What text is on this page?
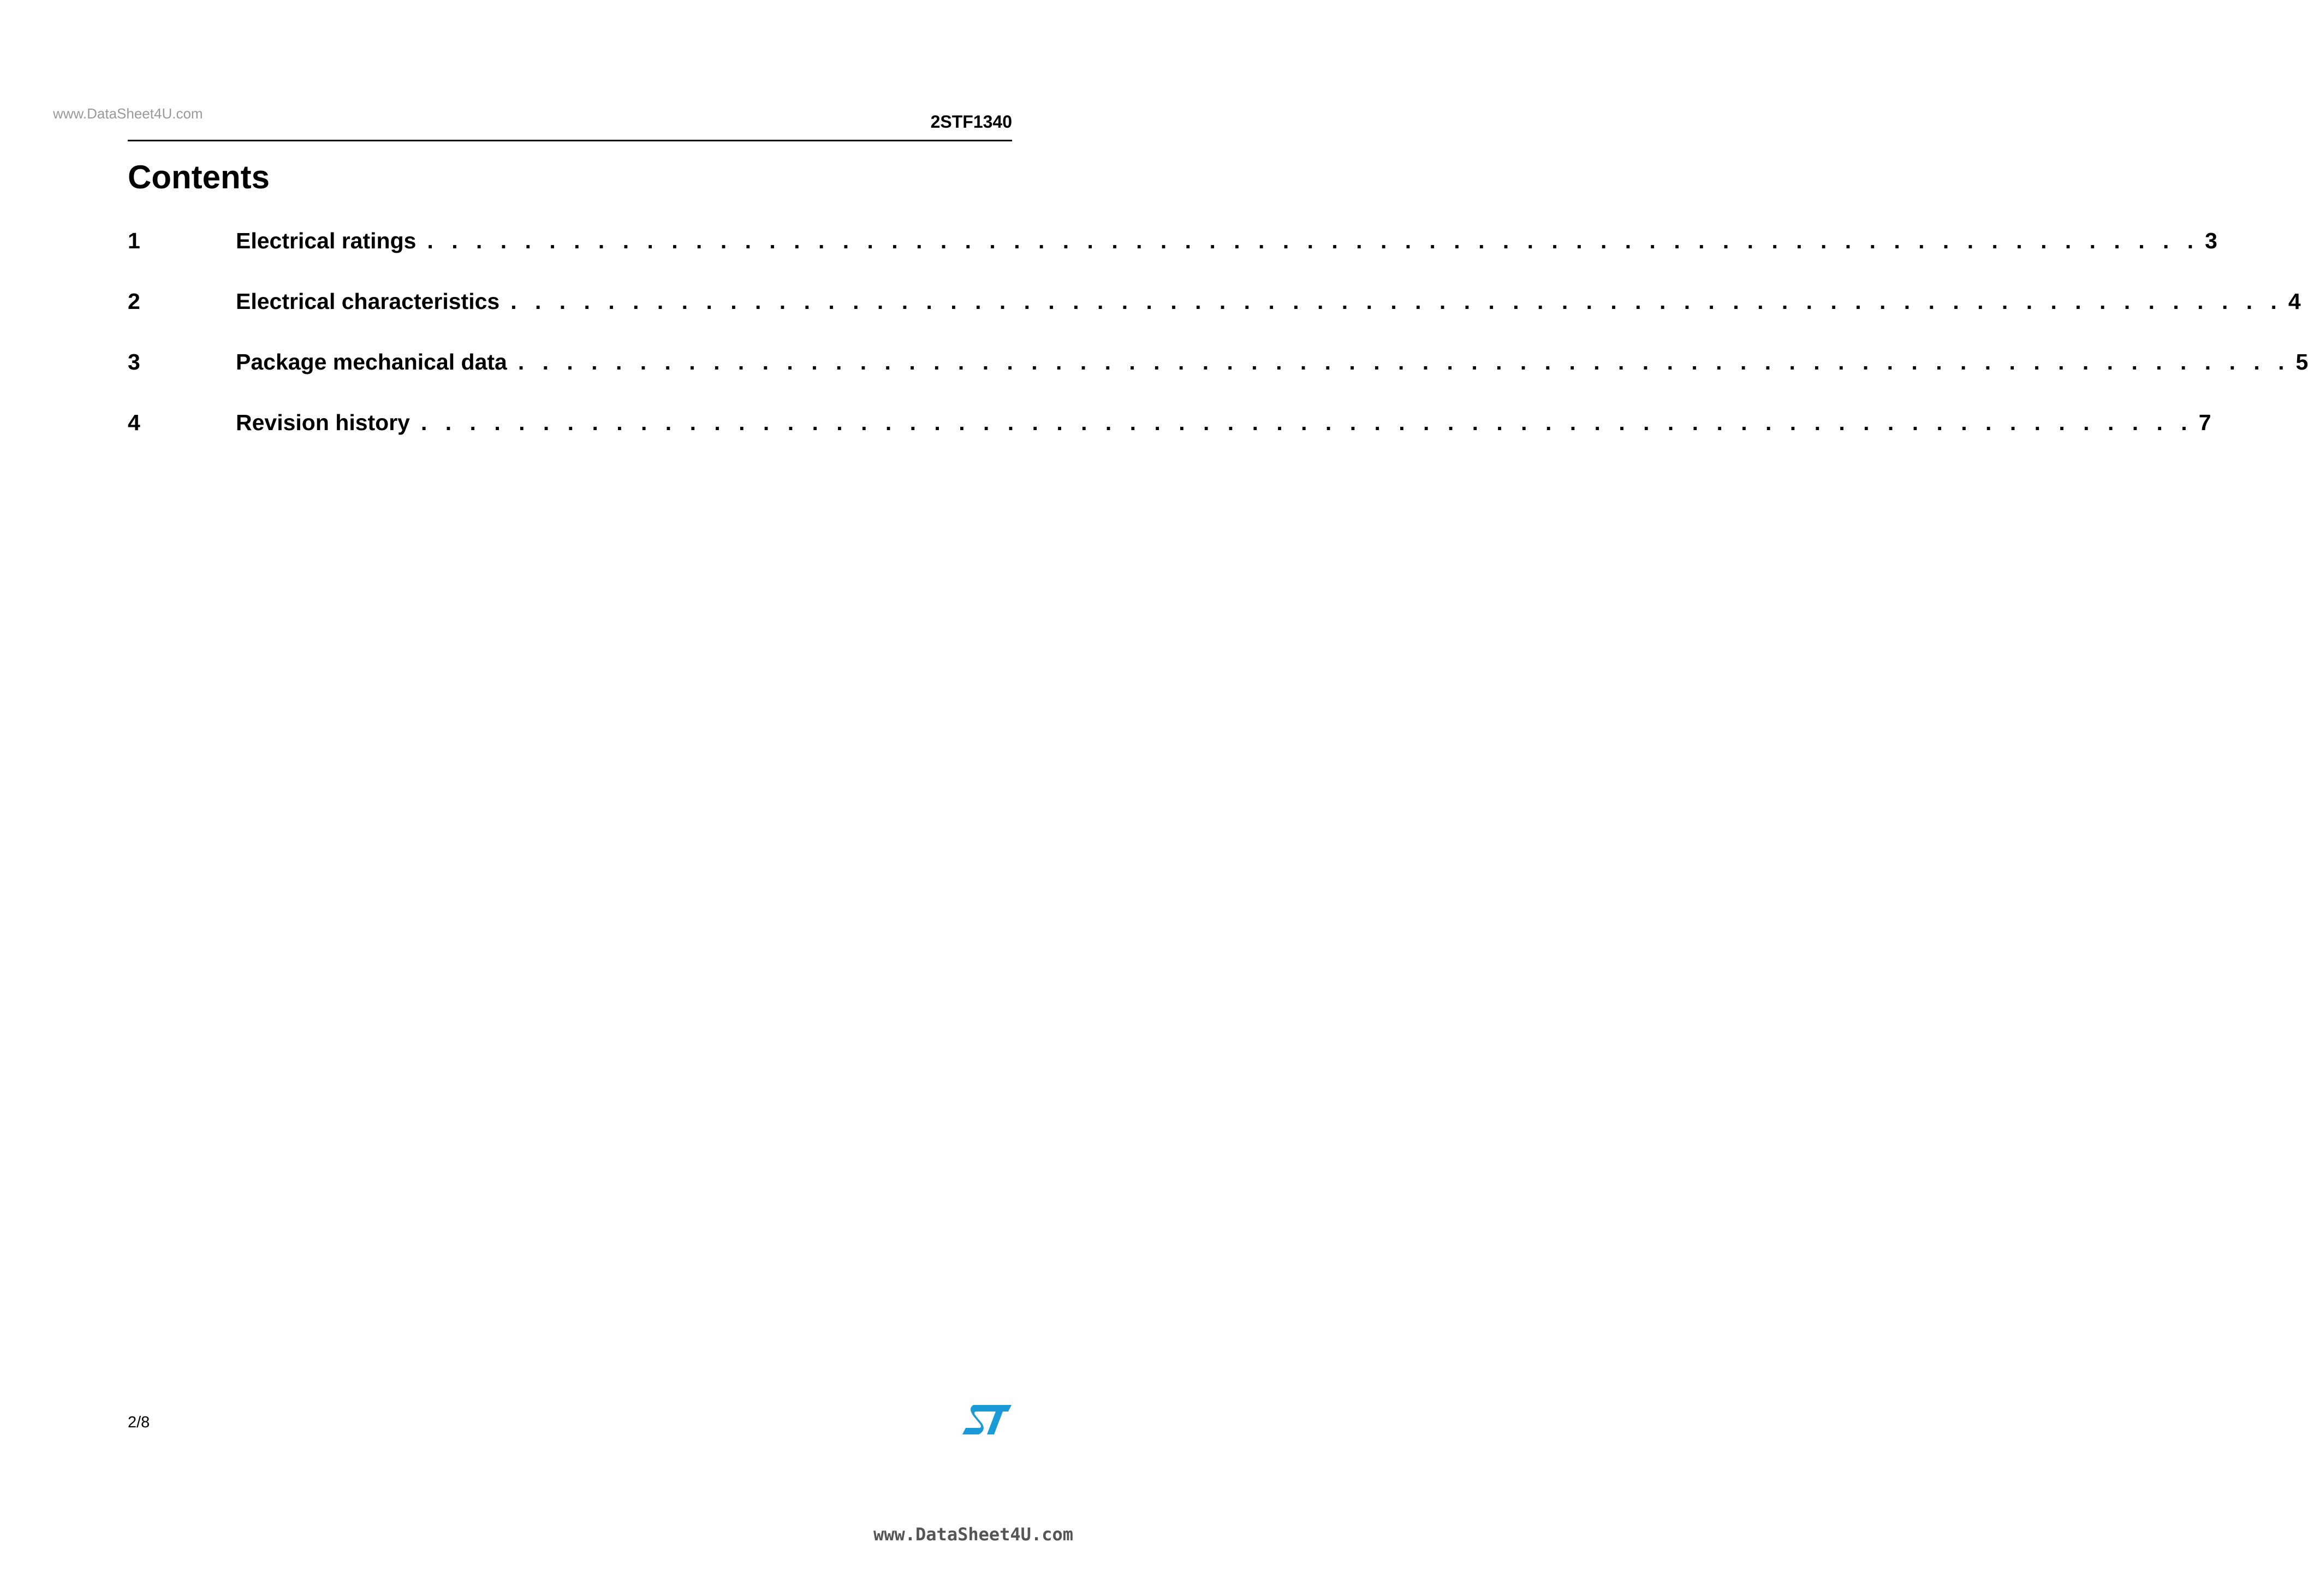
www.DataSheet4U.com	2STF1340
Contents
1	Electrical ratings . . . . . . . . . . . . . . . . . . . . . . . . . . . . . . . . . . . . . . . . . . . . . . . . . . . . . . . . . . . . . . . . . . . . . . . . . 3
2	Electrical characteristics . . . . . . . . . . . . . . . . . . . . . . . . . . . . . . . . . . . . . . . . . . . . . . . . . . . . . . . . . . . . . . . . . . . . . . . . . 4
3	Package mechanical data . . . . . . . . . . . . . . . . . . . . . . . . . . . . . . . . . . . . . . . . . . . . . . . . . . . . . . . . . . . . . . . . . . . . . . . . . 5
4	Revision history . . . . . . . . . . . . . . . . . . . . . . . . . . . . . . . . . . . . . . . . . . . . . . . . . . . . . . . . . . . . . . . . . . . . . . . . . 7
2/8
www.DataSheet4U.com
